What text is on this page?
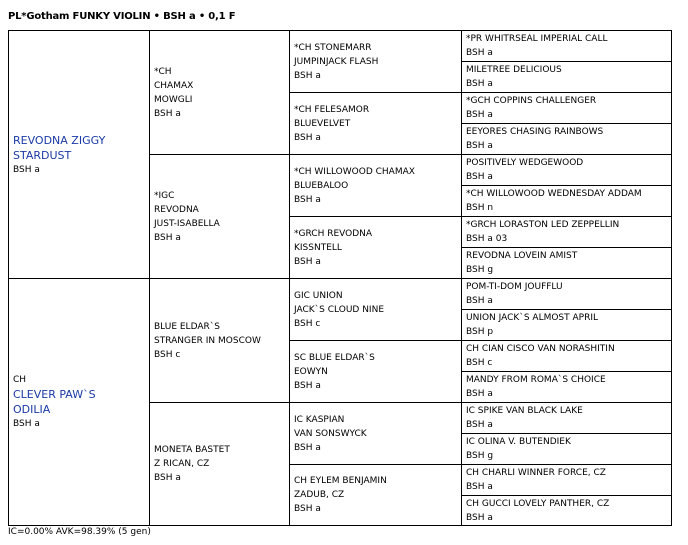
PL*Gotham FUNKY VIOLIN • BSH a • 0,1 F
REVODNA ZIGGY
STARDUST
BSH a
CH
CLEVER PAW`S
ODILIA
BSH a
*CH
CHAMAX
MOWGLI
BSH a
*IGC
REVODNA
JUST-ISABELLA
BSH a
BLUE ELDAR`S
STRANGER IN MOSCOW
BSH c
MONETA BASTET
Z RICAN, CZ
BSH a
*CH STONEMARR
JUMPINJACK FLASH
BSH a
*CH FELESAMOR
BLUEVELVET
BSH a
*CH WILLOWOOD CHAMAX
BLUEBALOO
BSH a
*GRCH REVODNA
KISSNTELL
BSH a
GIC UNION
JACK`S CLOUD NINE
BSH c
SC BLUE ELDAR`S
EOWYN
BSH a
IC KASPIAN
VAN SONSWYCK
BSH a
CH EYLEM BENJAMIN
ZADUB, CZ
BSH a
*PR WHITRSEAL IMPERIAL CALL
BSH a
MILETREE DELICIOUS
BSH a
*GCH COPPINS CHALLENGER
BSH a
EEYORES CHASING RAINBOWS
BSH a
POSITIVELY WEDGEWOOD
BSH a
*CH WILLOWOOD WEDNESDAY ADDAM
BSH n
*GRCH LORASTON LED ZEPPELLIN
BSH a 03
REVODNA LOVEIN AMIST
BSH g
POM-TI-DOM JOUFFLU
BSH a
UNION JACK`S ALMOST APRIL
BSH p
CH CIAN CISCO VAN NORASHITIN
BSH c
MANDY FROM ROMA`S CHOICE
BSH a
IC SPIKE VAN BLACK LAKE
BSH a
IC OLINA V. BUTENDIEK
BSH g
CH CHARLI WINNER FORCE, CZ
BSH a
CH GUCCI LOVELY PANTHER, CZ
BSH a
IC=0.00% AVK=98.39% (5 gen)
